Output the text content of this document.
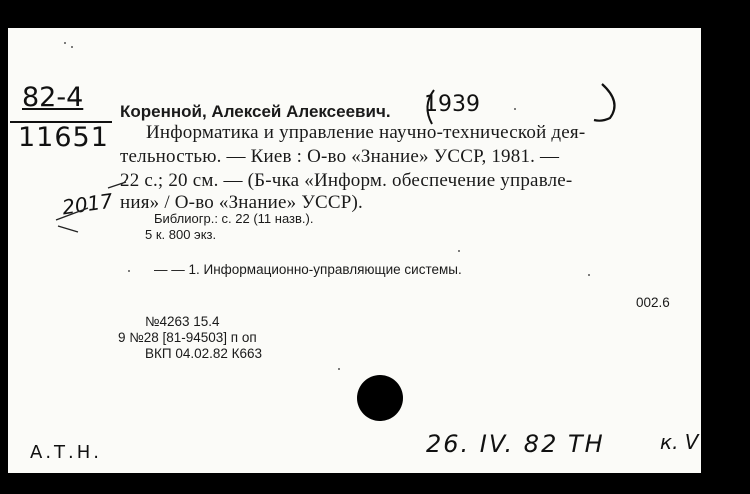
82-4
11651
Коренной, Алексей Алексеевич. 1939
Информатика и управление научно-технической дея-
тельностью. — Киев : О-во «Знание» УССР, 1981. —
22 с.; 20 см. — (Б-чка «Информ. обеспечение управле-
ния» / О-во «Знание» УССР).
2017	Библиогр.: с. 22 (11 назв.).
5 к. 800 экз.
— — 1. Информационно-управляющие системы.
002.6
№4263 15.4
9 №28 [81-94503] п оп
ВКП 04.02.82 К663
А.Т.Н.	26. IV. 82 ТН	к. V
